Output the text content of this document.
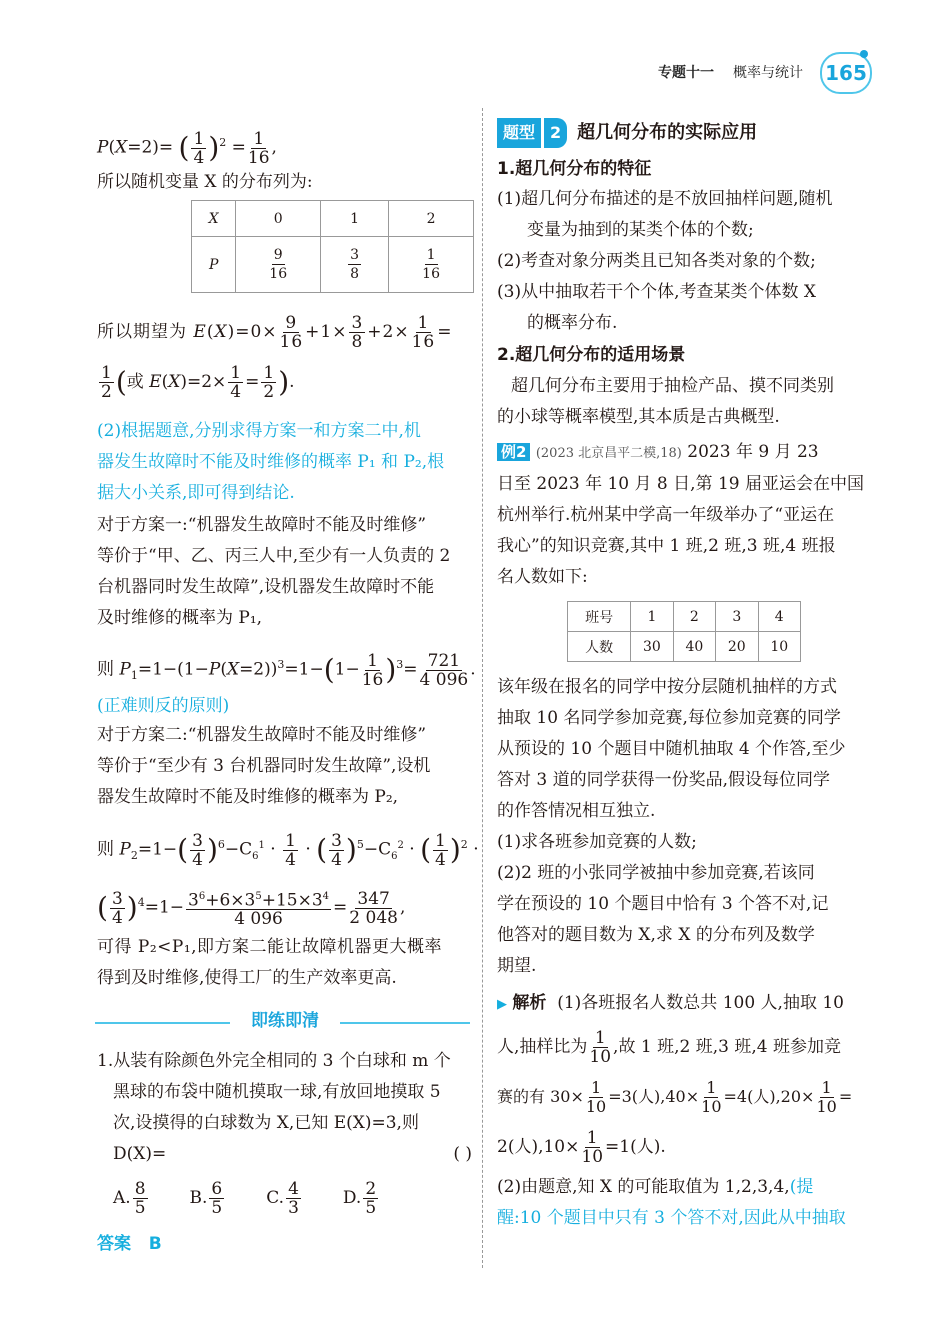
专题十一 概率与统计 165
P(X=2)= ( $\frac{1}{4} )^2 = \frac{1}{16}$ ,
所以随机变量 X 的分布列为:
X	0	1	2
P	$\frac{9}{16}$	$\frac{3}{8}$	$\frac{1}{16}$
所以期望为 $E(X)=0\times \frac{9}{16} +1\times \frac{3}{8} +2\times \frac{1}{16}$ =
$\frac{1}{2}$ (或 $E(X)=2\times \frac{1}{4} = \frac{1}{2}$ ).
(2)根据题意,分别求得方案一和方案二中,机
器发生故障时不能及时维修的概率 P₁ 和 P₂,根
据大小关系,即可得到结论.
对于方案一:“机器发生故障时不能及时维修”
等价于“甲、乙、丙三人中,至少有一人负责的 2
台机器同时发生故障”,设机器发生故障时不能
及时维修的概率为 P₁,
则 $P_1=1-(1-P(X=2))^3=1-(1- \frac{1}{16} )^3= \frac{721}{4 096}$ .
(正难则反的原则)
对于方案二:“机器发生故障时不能及时维修”
等价于“至少有 3 台机器同时发生故障”,设机
器发生故障时不能及时维修的概率为 P₂,
则 $P_2=1-( \frac{3}{4} )^6-C_6^1 \cdot \frac{1}{4}$ · ( $\frac{3}{4} )^5-C_6^2$ · ( $\frac{1}{4} )^2$ ·
( $\frac{3}{4} )^4=1- \frac{3^6+6\times 3^5+15\times 3^4}{4 096} = \frac{347}{2 048}$ ,
可得 P₂<P₁,即方案二能让故障机器更大概率
得到及时维修,使得工厂的生产效率更高.
即练即清
1.从装有除颜色外完全相同的 3 个白球和 m 个
黑球的布袋中随机摸取一球,有放回地摸取 5
次,设摸得的白球数为 X,已知 E(X)=3,则
D(X)=	( )
A. $\frac{8}{5} B$. $\frac{6}{5} C$. $\frac{4}{3} D$. $\frac{2}{5}$
答案 B
题型 2 超几何分布的实际应用
1.超几何分布的特征
(1)超几何分布描述的是不放回抽样问题,随机
变量为抽到的某类个体的个数;
(2)考查对象分两类且已知各类对象的个数;
(3)从中抽取若干个个体,考查某类个体数 X
的概率分布.
2.超几何分布的适用场景
超几何分布主要用于抽检产品、摸不同类别
的小球等概率模型,其本质是古典概型.
例2 (2023 北京昌平二模,18) 2023 年 9 月 23
日至 2023 年 10 月 8 日,第 19 届亚运会在中国
杭州举行.杭州某中学高一年级举办了“亚运在
我心”的知识竞赛,其中 1 班,2 班,3 班,4 班报
名人数如下:
班号	1	2	3	4
人数	30	40	20	10
该年级在报名的同学中按分层随机抽样的方式
抽取 10 名同学参加竞赛,每位参加竞赛的同学
从预设的 10 个题目中随机抽取 4 个作答,至少
答对 3 道的同学获得一份奖品,假设每位同学
的作答情况相互独立.
(1)求各班参加竞赛的人数;
(2)2 班的小张同学被抽中参加竞赛,若该同
学在预设的 10 个题目中恰有 3 个答不对,记
他答对的题目数为 X,求 X 的分布列及数学
期望.
▶ 解析 (1)各班报名人数总共 100 人,抽取 10
人,抽样比为 $\frac{1}{10}$ ,故 1 班,2 班,3 班,4 班参加竞
赛的有 $30\times \frac{1}{10} =3$(人)$,40\times \frac{1}{10} =4$(人)$,20\times \frac{1}{10}$ =
2(人)$,10\times \frac{1}{10} =1$(人).
(2)由题意,知 X 的可能取值为 1,2,3,4,(提
醒:10 个题目中只有 3 个答不对,因此从中抽取
